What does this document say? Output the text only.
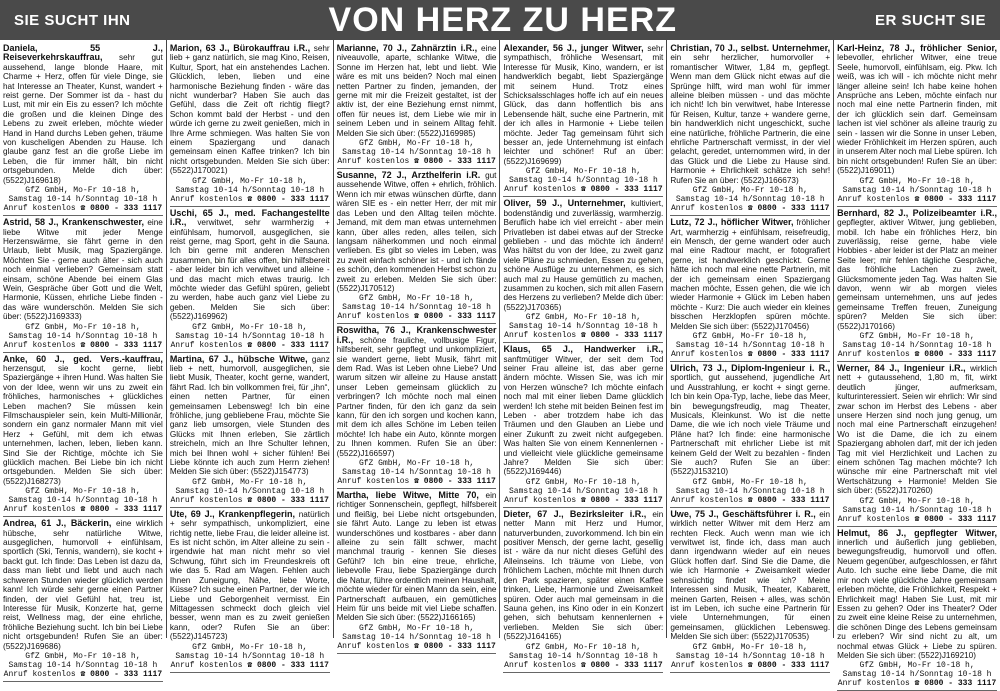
SIE SUCHT IHN	VON HERZ ZU HERZ	ER SUCHT SIE
Daniela, 55 J., Reiseverkehrskauffrau, sehr gut aussehend, lange blonde Haare, mit Charme + Herz, offen für viele Dinge, sie hat Interesse an Theater, Kunst, wandert + reist gerne. Der Sommer ist da - hast du Lust, mit mir ein Eis zu essen? Ich möchte die großen und die kleinen Dinge des Lebens zu zweit erleben, möchte wieder Hand in Hand durchs Leben gehen, träume von kuscheligen Abenden zu Hause. Ich glaube ganz fest an die große Liebe im Leben, die für immer hält, bin nicht ortsgebunden. Melde dich über: (5522)J169618)
GfZ GmbH, Mo-Fr 10-18 h,
Samstag 10-14 h/Sonntag 10-18 h
Anruf kostenlos ☎ 0800 - 333 1117
Astrid, 58 J., Krankenschwester, eine liebe Witwe mit jeder Menge Herzenswärme, sie fährt gerne in den Urlaub, liebt Musik, mag Spaziergänge. Möchten Sie - gerne auch älter - sich auch noch einmal verlieben? Gemeinsam statt einsam, schöne Abende bei einem Glas Wein, Gespräche über Gott und die Welt, Harmonie, Küssen, ehrliche Liebe finden - das wäre wunderschön. Melden Sie sich über: (5522)J169333)
GfZ GmbH, Mo-Fr 10-18 h,
Samstag 10-14 h/Sonntag 10-18 h
Anruf kostenlos ☎ 0800 - 333 1117
Anke, 60 J., ged. Vers.-kauffrau, herzensgut, sie kocht gerne, liebt Spaziergänge + ihren Hund. Was halten Sie von der Idee, wenn wir uns zu zweit ein fröhliches, harmonisches + glückliches Leben machen? Sie müssen kein Filmschauspieler sein, kein Multi-Millionär, sondern ein ganz normaler Mann mit viel Herz + Gefühl, mit dem ich etwas unternehmen, lachen, leben, lieben kann. Sind Sie der Richtige, möchte ich Sie glücklich machen. Bei Liebe bin ich nicht ortsgebunden. Melden Sie sich über: (5522)J168273)
GfZ GmbH, Mo-Fr 10-18 h,
Samstag 10-14 h/Sonntag 10-18 h
Anruf kostenlos ☎ 0800 - 333 1117
Andrea, 61 J., Bäckerin, eine wirklich hübsche, sehr natürliche Witwe, ausgeglichen, humorvoll + einfühlsam, sportlich (Ski, Tennis, wandern), sie kocht + backt gut. Ich finde: Das Leben ist dazu da, dass man liebt und liebt und auch nach schweren Stunden wieder glücklich werden kann! Ich würde sehr gerne einen Partner finden, der viel Gefühl hat, treu ist, Interesse für Musik, Konzerte hat, gerne reist, Wellness mag, der eine ehrliche, fröhliche Beziehung sucht. Ich bin bei Liebe nicht ortsgebunden! Rufen Sie an über: (5522)J169686)
GfZ GmbH, Mo-Fr 10-18 h,
Samstag 10-14 h/Sonntag 10-18 h
Anruf kostenlos ☎ 0800 - 333 1117
Marion, 63 J., Bürokauffrau i.R., sehr lieb + ganz natürlich, sie mag Kino, Reisen, Kultur, Sport, hat ein anstehendes Lachen. Glücklich, leben, lieben und eine harmonische Beziehung finden - wäre das nicht wunderbar? Haben Sie auch das Gefühl, dass die Zeit oft richtig fliegt? Schon kommt bald der Herbst - und den würde ich gerne zu zweit genießen, mich in Ihre Arme schmiegen. Was halten Sie von einem Spaziergang und danach gemeinsam einen Kaffee trinken? Ich bin nicht ortsgebunden. Melden Sie sich über: (5522)J170021)
GfZ GmbH, Mo-Fr 10-18 h,
Samstag 10-14 h/Sonntag 10-18 h
Anruf kostenlos ☎ 0800 - 333 1117
Uschi, 65 J., med. Fachangestellte i.R., verwitwet, sehr warmherzig + einfühlsam, humorvoll, ausgeglichen, sie reist gerne, mag Sport, geht in die Sauna. Ich bin gerne mit anderen Menschen zusammen, bin für alles offen, bin hilfsbereit - aber leider bin ich verwitwet und alleine - und das macht mich etwas traurig. Ich möchte wieder das Gefühl spüren, geliebt zu werden, habe auch ganz viel Liebe zu geben. Melden Sie sich über: (5522)J169962)
GfZ GmbH, Mo-Fr 10-18 h,
Samstag 10-14 h/Sonntag 10-18 h
Anruf kostenlos ☎ 0800 - 333 1117
Martina, 67 J., hübsche Witwe, ganz lieb + nett, humorvoll, ausgeglichen, sie liebt Musik, Theater, kocht gerne, wandert, fährt Rad. Ich bin vollkommen frei, für „ihn“, einen netten Partner, für einen gemeinsamen Lebensweg! Ich bin eine fröhliche, jung gebliebene Frau, möchte Sie ganz lieb umsorgen, viele Stunden des Glücks mit Ihnen erleben, Sie zärtlich streicheln, mich an Ihre Schulter lehnen, mich bei Ihnen wohl + sicher fühlen! Bei Liebe könnte ich auch zum Herrn ziehen! Melden Sie sich über: (5522)J154773)
GfZ GmbH, Mo-Fr 10-18 h,
Samstag 10-14 h/Sonntag 10-18 h
Anruf kostenlos ☎ 0800 - 333 1117
Ute, 69 J., Krankenpflegerin, natürlich + sehr sympathisch, unkompliziert, eine richtig nette, liebe Frau, die leider alleine ist. Es ist nicht schön, im Alter alleine zu sein - irgendwie hat man nicht mehr so viel Schwung, führt sich im Freundeskreis oft wie das 5. Rad am Wagen. Fehlen auch Ihnen Zuneigung, Nähe, liebe Worte, Küsse? Ich suche einen Partner, der wie ich Liebe und Geborgenheit vermisst. Ein Mittagessen schmeckt doch gleich viel besser, wenn man es zu zweit genießen kann, oder? Rufen Sie an über: (5522)J145723)
GfZ GmbH, Mo-Fr 10-18 h,
Samstag 10-14 h/Sonntag 10-18 h
Anruf kostenlos ☎ 0800 - 333 1117
Marianne, 70 J., Zahnärztin i.R., eine niveauvolle, aparte, schlanke Witwe, die Sonne im Herzen hat, lebt und liebt. Wie wäre es mit uns beiden? Noch mal einen netten Partner zu finden, jemanden, der gerne mit mir die Freizeit gestaltet, ist der aktiv ist, der eine Beziehung ernst nimmt, offen für neues ist, dem Liebe wie mir in seinem Leben und in seinem Alltag fehlt. Melden Sie sich über: (5522)J169985)
GfZ GmbH, Mo-Fr 10-18 h,
Samstag 10-14 h/Sonntag 10-18 h
Anruf kostenlos ☎ 0800 - 333 1117
Susanne, 72 J., Arzthelferin i.R. gut aussehende Witwe, offen + ehrlich, fröhlich. Wenn ich mir etwas wünschen dürfte, dann wären SIE es - ein netter Herr, der mit mir das Leben und den Alltag teilen möchte. Jemand, mit dem man etwas unternehmen kann, über alles reden, alles teilen, sich langsam näherkommen und noch einmal verlieben. Es gibt so vieles im Leben, was zu zweit einfach schöner ist - und ich fände es schön, den kommenden Herbst schon zu zweit zu erleben. Melden Sie sich über: (5522)J170512)
GfZ GmbH, Mo-Fr 10-18 h,
Samstag 10-14 h/Sonntag 10-18 h
Anruf kostenlos ☎ 0800 - 333 1117
Roswitha, 76 J., Krankenschwester i.R., schöne frauliche, vollbusige Figur, hilfsbereit, sehr gepflegt und unkompliziert, sie wandert gerne, liebt Musik, fährt mit dem Rad. Was ist Leben ohne Liebe? Und warum sitzen wir alleine zu Hause anstatt unser Leben gemeinsam glücklich zu verbringen? Ich möchte noch mal einen Partner finden, für den ich ganz da sein kann, für den ich sorgen und kochen kann, mit dem ich alles Schöne im Leben teilen möchte! Ich habe ein Auto, könnte morgen zu Ihnen kommen. Rufen Sie an über: (5522)J166597)
GfZ GmbH, Mo-Fr 10-18 h,
Samstag 10-14 h/Sonntag 10-18 h
Anruf kostenlos ☎ 0800 - 333 1117
Martha, liebe Witwe, Mitte 70, ein richtiger Sonnenschein, gepflegt, hilfsbereit und fleißig, bei Liebe nicht ortsgebunden, sie fährt Auto. Lange zu leben ist etwas wunderschönes und kostbares - aber dann alleine zu sein fällt schwer, macht manchmal traurig - kennen Sie dieses Gefühl? Ich bin eine treue, ehrliche, liebevolle Frau, liebe Spaziergänge durch die Natur, führe ordentlich meinen Haushalt, möchte wieder für einen Mann da sein, eine Partnerschaft aufbauen, ein gemütliches Heim für uns beide mit viel Liebe schaffen. Melden Sie sich über: (5522)J166165)
GfZ GmbH, Mo-Fr 10-18 h,
Samstag 10-14 h/Sonntag 10-18 h
Anruf kostenlos ☎ 0800 - 333 1117
Alexander, 56 J., junger Witwer, sehr sympathisch, fröhliche Wesensart, mit Interesse für Musik, Kino, wandern, er ist handwerklich begabt, liebt Spaziergänge mit seinem Hund. Trotz eines Schicksalsschlages hoffe ich auf ein neues Glück, das dann hoffentlich bis ans Lebensende hält, suche eine Partnerin, mit der ich alles in Harmonie + Liebe teilen möchte. Jeder Tag gemeinsam führt sich besser an, jede Unternehmung ist einfach leichter und schöner! Ruf an über: (5522)J169699)
GfZ GmbH, Mo-Fr 10-18 h,
Samstag 10-14 h/Sonntag 10-18 h
Anruf kostenlos ☎ 0800 - 333 1117
Oliver, 59 J., Unternehmer, kultiviert, bodenständig und zuverlässig, warmherzig. Beruflich habe ich viel erreicht - aber mein Privatleben ist dabei etwas auf der Strecke geblieben - und das möchte ich ändern! Was hältst du von der Idee, zu zweit ganz viele Pläne zu schmieden, Essen zu gehen, schöne Ausflüge zu unternehmen, es sich auch mal zu Hause gemütlich zu machen, zusammen zu kochen, sich mit allen Fasern des Herzens zu verlieben? Melde dich über: (5522)J170365)
GfZ GmbH, Mo-Fr 10-18 h,
Samstag 10-14 h/Sonntag 10-18 h
Anruf kostenlos ☎ 0800 - 333 1117
Klaus, 65 J., Handwerker i.R., sanftmütiger Witwer, der seit dem Tod seiner Frau alleine ist, das aber gerne ändern möchte. Wissen Sie, was ich mir von Herzen wünsche? Ich möchte einfach noch mal mit einer lieben Dame glücklich werden! Ich stehe mit beiden Beinen fest im Leben - aber trotzdem habe ich das Träumen und den Glauben an Liebe und einer Zukunft zu zweit nicht aufgegeben. Was halten Sie von einem Kennenlernen - und vielleicht viele glückliche gemeinsame Jahre? Melden Sie sich über: (5522)J169446)
GfZ GmbH, Mo-Fr 10-18 h,
Samstag 10-14 h/Sonntag 10-18 h
Anruf kostenlos ☎ 0800 - 333 1117
Dieter, 67 J., Bezirksleiter i.R., ein netter Mann mit Herz und Humor, naturverbunden, zuvorkommend. Ich bin ein positiver Mensch, der gerne lacht, gesellig ist - wäre da nur nicht dieses Gefühl des Alleinseins. Ich träume von Liebe, von fröhlichem Lachen, möchte mit Ihnen durch den Park spazieren, später einen Kaffee trinken, Liebe, Harmonie und Zweisamkeit spüren. Oder auch mal gemeinsam in die Sauna gehen, ins Kino oder in ein Konzert gehen, sich behutsam kennenlernen + verlieben. Melden Sie sich über: (5522)J164165)
GfZ GmbH, Mo-Fr 10-18 h,
Samstag 10-14 h/Sonntag 10-18 h
Anruf kostenlos ☎ 0800 - 333 1117
Christian, 70 J., selbst. Unternehmer, ein sehr herzlicher, humorvoller + romantischer Witwer, 1,84 m, gepflegt. Wenn man dem Glück nicht etwas auf die Sprünge hilft, wird man wohl für immer alleine bleiben müssen - und das möchte ich nicht! Ich bin verwitwet, habe Interesse für Reisen, Kultur, tanze + wandere gerne, bin handwerklich nicht ungeschickt, suche eine natürliche, fröhliche Partnerin, die eine ehrliche Partnerschaft vermisst, in der viel gelacht, geredet, unternommen wird, in der das Glück und die Liebe zu Hause sind. Harmonie + Ehrlichkeit schätze ich sehr! Rufen Sie an über: (5522)J166673)
GfZ GmbH, Mo-Fr 10-18 h,
Samstag 10-14 h/Sonntag 10-18 h
Anruf kostenlos ☎ 0800 - 333 1117
Lutz, 72 J., höflicher Witwer, fröhlicher Art, warmherzig + einfühlsam, reisefreudig, ein Mensch, der gerne wandert oder auch mal eine Radtour macht, er fotografiert gerne, ist handwerklich geschickt. Gerne hätte ich noch mal eine nette Partnerin, mit der ich gemeinsam einen Spaziergang machen möchte, Essen gehen, die wie ich wieder Harmonie + Glück im Leben haben möchte - Kurz: Die auch wieder ein kleines bisschen Herzklopfen spüren möchte. Melden Sie sich über: (5522)J170456)
GfZ GmbH, Mo-Fr 10-18 h,
Samstag 10-14 h/Sonntag 10-18 h
Anruf kostenlos ☎ 0800 - 333 1117
Ulrich, 73 J., Diplom-Ingenieur i. R., sportlich, gut aussehend, jugendliche Art und Ausstrahlung, er kocht + singt gerne. Ich bin kein Opa-Typ, lache, liebe das Meer, bin bewegungsfreudig, mag Theater, Musicals, Kleinkunst. Wo ist die nette Dame, die wie ich noch viele Träume und Pläne hat? Ich finde: eine harmonische Partnerschaft mit ehrlicher Liebe ist mit keinem Geld der Welt zu bezahlen - finden Sie auch? Rufen Sie an über: (5522)J153210)
GfZ GmbH, Mo-Fr 10-18 h,
Samstag 10-14 h/Sonntag 10-18 h
Anruf kostenlos ☎ 0800 - 333 1117
Uwe, 75 J., Geschäftsführer i. R., ein wirklich netter Witwer mit dem Herz am rechten Fleck. Auch wenn man wie ich verwitwet ist, finde ich, dass man auch dann irgendwann wieder auf ein neues Glück hoffen darf. Sind Sie die Dame, die wie ich Harmonie + Zweisamkeit wieder sehnsüchtig findet wie ich? Meine Interessen sind Musik, Theater, Kabarett, meinen Garten, Reisen + alles, was schön ist im Leben, ich suche eine Partnerin für viele Unternehmungen, für einen gemeinsamen, glücklichen Lebensweg. Melden Sie sich über: (5522)J170535)
GfZ GmbH, Mo-Fr 10-18 h,
Samstag 10-14 h/Sonntag 10-18 h
Anruf kostenlos ☎ 0800 - 333 1117
Karl-Heinz, 78 J., fröhlicher Senior, lebevoller, ehrlicher Witwer, eine treue Seele, humorvoll, einfühlsam, eig. Pkw. Ich weiß, was ich will - ich möchte nicht mehr länger alleine sein! Ich habe keine hohen Ansprüche ans Leben, möchte einfach nur noch mal eine nette Partnerin finden, mit der ich glücklich sein darf. Gemeinsam lachen ist viel schöner als alleine traurig zu sein - lassen wir die Sonne in unser Leben, wieder Fröhlichkeit im Herzen spüren, auch in unserem Alter noch mal Liebe spüren. Ich bin nicht ortsgebunden! Rufen Sie an über: (5522)J169011)
GfZ GmbH, Mo-Fr 10-18 h,
Samstag 10-14 h/Sonntag 10-18 h
Anruf kostenlos ☎ 0800 - 333 1117
Bernhard, 82 J., Polizeibeamter i.R., gepflegter, aktiver Witwer, jung geblieben, mobil. Ich habe ein fröhliches Herz, bin zuverlässig, reise gerne, habe viele Hobbies - aber leider ist der Platz an meiner Seite leer; mir fehlen tägliche Gespräche, das fröhliche Lachen zu zweit, Glücksmomente jeden Tag. Was halten Sie davon, wenn wir ab morgen vieles gemeinsam unternehmen, uns auf jedes gemeinsame Treffen freuen, Zuneigung spüren? Melden Sie sich über: (5522)J170166)
GfZ GmbH, Mo-Fr 10-18 h,
Samstag 10-14 h/Sonntag 10-18 h
Anruf kostenlos ☎ 0800 - 333 1117
Werner, 84 J., Ingenieur i.R., wirklich nett + gutaussehend, 1,80 m, fit, wirkt deutlich jünger, aufmerksam, kulturinteressiert. Seien wir ehrlich: Wir sind zwar schon im Herbst des Lebens - aber unsere Herzen sind noch jung genug, um noch mal eine Partnerschaft einzugehen! Wo ist die Dame, die ich zu einem Spaziergang abholen darf, mit der ich jeden Tag mit viel Herzlichkeit und Lachen zu einem schönen Tag machen möchte? Ich wünsche mir eine Partnerschaft mit viel Wertschätzung + Harmonie! Melden Sie sich über: (5522)J170260)
GfZ GmbH, Mo-Fr 10-18 h,
Samstag 10-14 h/Sonntag 10-18 h
Anruf kostenlos ☎ 0800 - 333 1117
Helmut, 86 J., gepflegter Witwer, innerlich und äußerlich jung geblieben, bewegungsfreudig, humorvoll und offen. Neuem gegenüber, aufgeschlossen, er fährt Auto. Ich suche eine liebe Dame, die mit mir noch viele glückliche Jahre gemeinsam erleben möchte, die Fröhlichkeit, Respekt + Ehrlichkeit mag! Haben Sie Lust, mit mir Essen zu gehen? Oder ins Theater? Oder zu zweit eine kleine Reise zu unternehmen, die schönen Dinge des Lebens gemeinsam zu erleben? Wir sind nicht zu alt, um nochmal etwas Glück + Liebe zu spüren. Melden Sie sich über: (5522)J169210)
GfZ GmbH, Mo-Fr 10-18 h,
Samstag 10-14 h/Sonntag 10-18 h
Anruf kostenlos ☎ 0800 - 333 1117
